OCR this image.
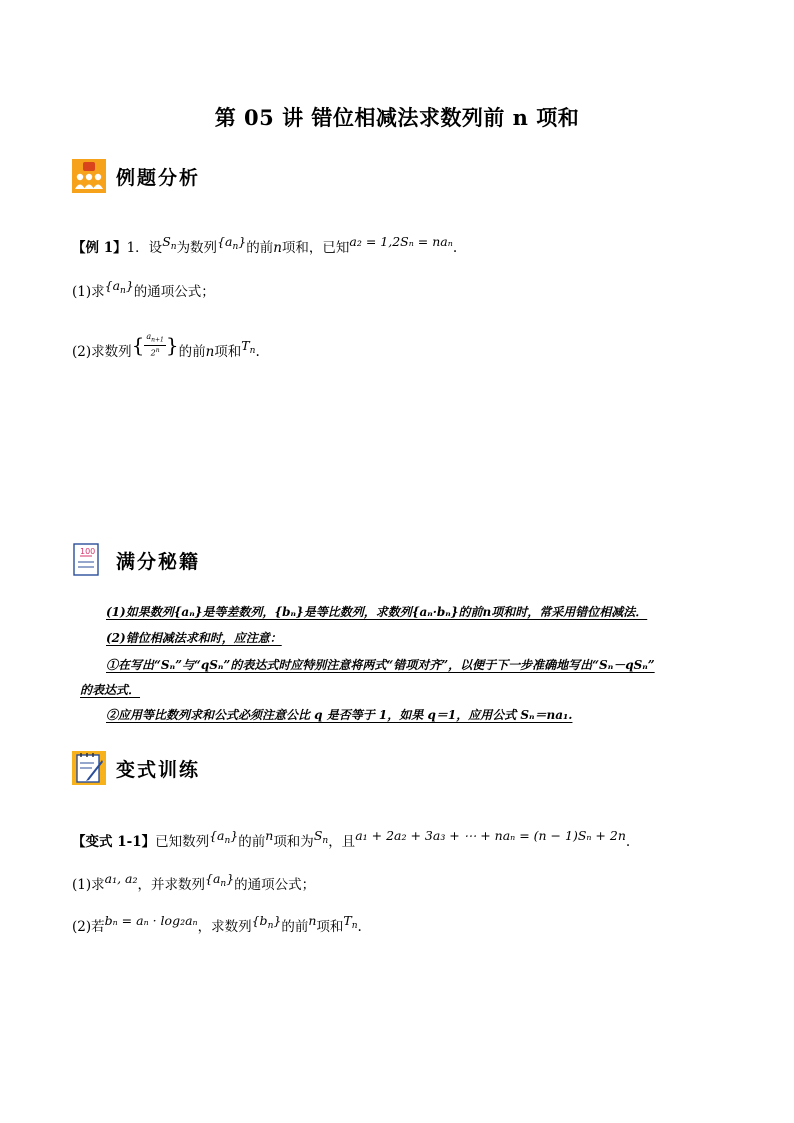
第 05 讲 错位相减法求数列前 n 项和
例题分析
【例 1】1．设$S_n$为数列$\{a_n\}$的前n项和，已知a₂ = 1,2Sₙ = naₙ.
(1)求$\{a_n\}$的通项公式；
(2)求数列{ $\frac{a_{n+1}}{2^n}$ }的前n项和$T_n$.
100 满分秘籍
(1)如果数列{aₙ}是等差数列，{bₙ}是等比数列，求数列{aₙ·bₙ}的前n项和时，常采用错位相减法．
(2)错位相减法求和时，应注意：
①在写出“Sₙ”与“qSₙ”的表达式时应特别注意将两式“错项对齐”，以便于下一步准确地写出“Sₙ－qSₙ”
的表达式．
②应用等比数列求和公式必须注意公比 q 是否等于 1，如果 q＝1，应用公式 Sₙ＝na₁.
变式训练
【变式 1-1】已知数列$\{a_n\}$的前n项和为$S_n$，且a₁ + 2a₂ + 3a₃ + ⋯ + naₙ = (n − 1)Sₙ + 2n.
(1)求a₁, a₂，并求数列$\{a_n\}$的通项公式；
(2)若bₙ = aₙ · log₂aₙ，求数列$\{b_n\}$的前n项和$T_n$.
